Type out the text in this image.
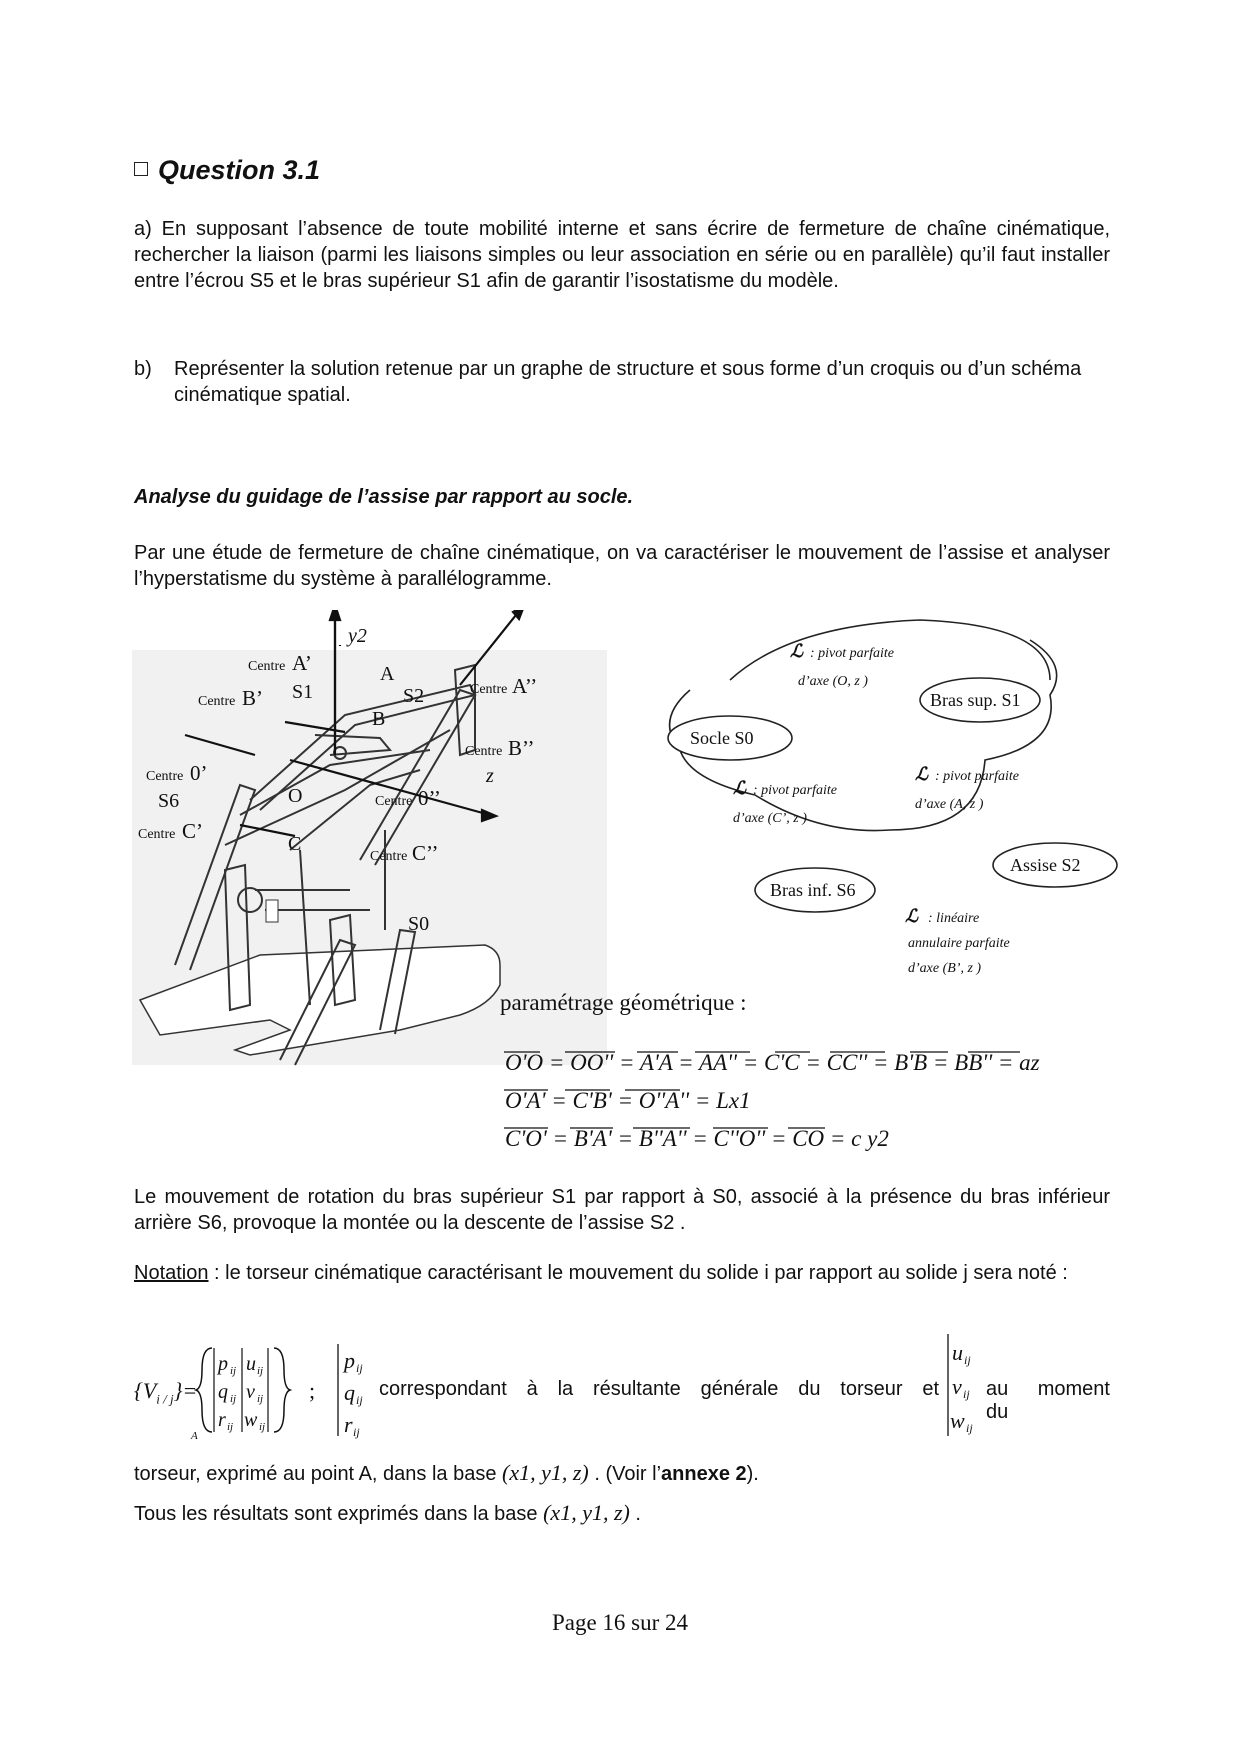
Question 3.1
a) En supposant l’absence de toute mobilité interne et sans écrire de fermeture de chaîne cinématique, rechercher la liaison (parmi les liaisons simples ou leur association en série ou en parallèle) qu’il faut installer entre l’écrou S5 et le bras supérieur S1 afin de garantir l’isostatisme du modèle.
b) Représenter la solution retenue par un graphe de structure et sous forme d’un croquis ou d’un schéma cinématique spatial.
Analyse du guidage de l’assise par rapport au socle.
Par une étude de fermeture de chaîne cinématique, on va caractériser le mouvement de l’assise et analyser l’hyperstatisme du système à parallélogramme.
y2
z
Centre A’
Centre B’
A
S1	S2
B
Centre A’’
Centre B’’
Centre 0’
S6	O	Centre 0’’
Centre C’
C
Centre C’’
S0
Socle S0
Bras sup. S1
Assise S2
Bras inf. S6
ℒ : pivot parfaite
d’axe (O, z )
ℒ : pivot parfaite
d’axe (A, z )
ℒ : pivot parfaite
d’axe (C’, z )
ℒ : linéaire
annulaire parfaite
d’axe (B’, z )
paramétrage géométrique :
O'O = OO'' = A'A = AA'' = C'C = CC'' = B'B = BB'' = az
O'A' = C'B' = O''A'' = Lx1
C'O' = B'A' = B''A'' = C''O'' = CO = c y2
Le mouvement de rotation du bras supérieur S1 par rapport à S0, associé à la présence du bras inférieur arrière S6, provoque la montée ou la descente de l’assise S2 .
Notation : le torseur cinématique caractérisant le mouvement du solide i par rapport au solide j sera noté :
$\{V_{i / j}\}=$
A
p ij u ij
q ij v ij
r ij w ij
;
p ij
q ij
r ij
correspondant à la résultante générale du torseur et
u ij
v ij
w ij
au moment du
torseur, exprimé au point A, dans la base (x1, y1, z) . (Voir l’annexe 2).
Tous les résultats sont exprimés dans la base (x1, y1, z) .
Page 16 sur 24
